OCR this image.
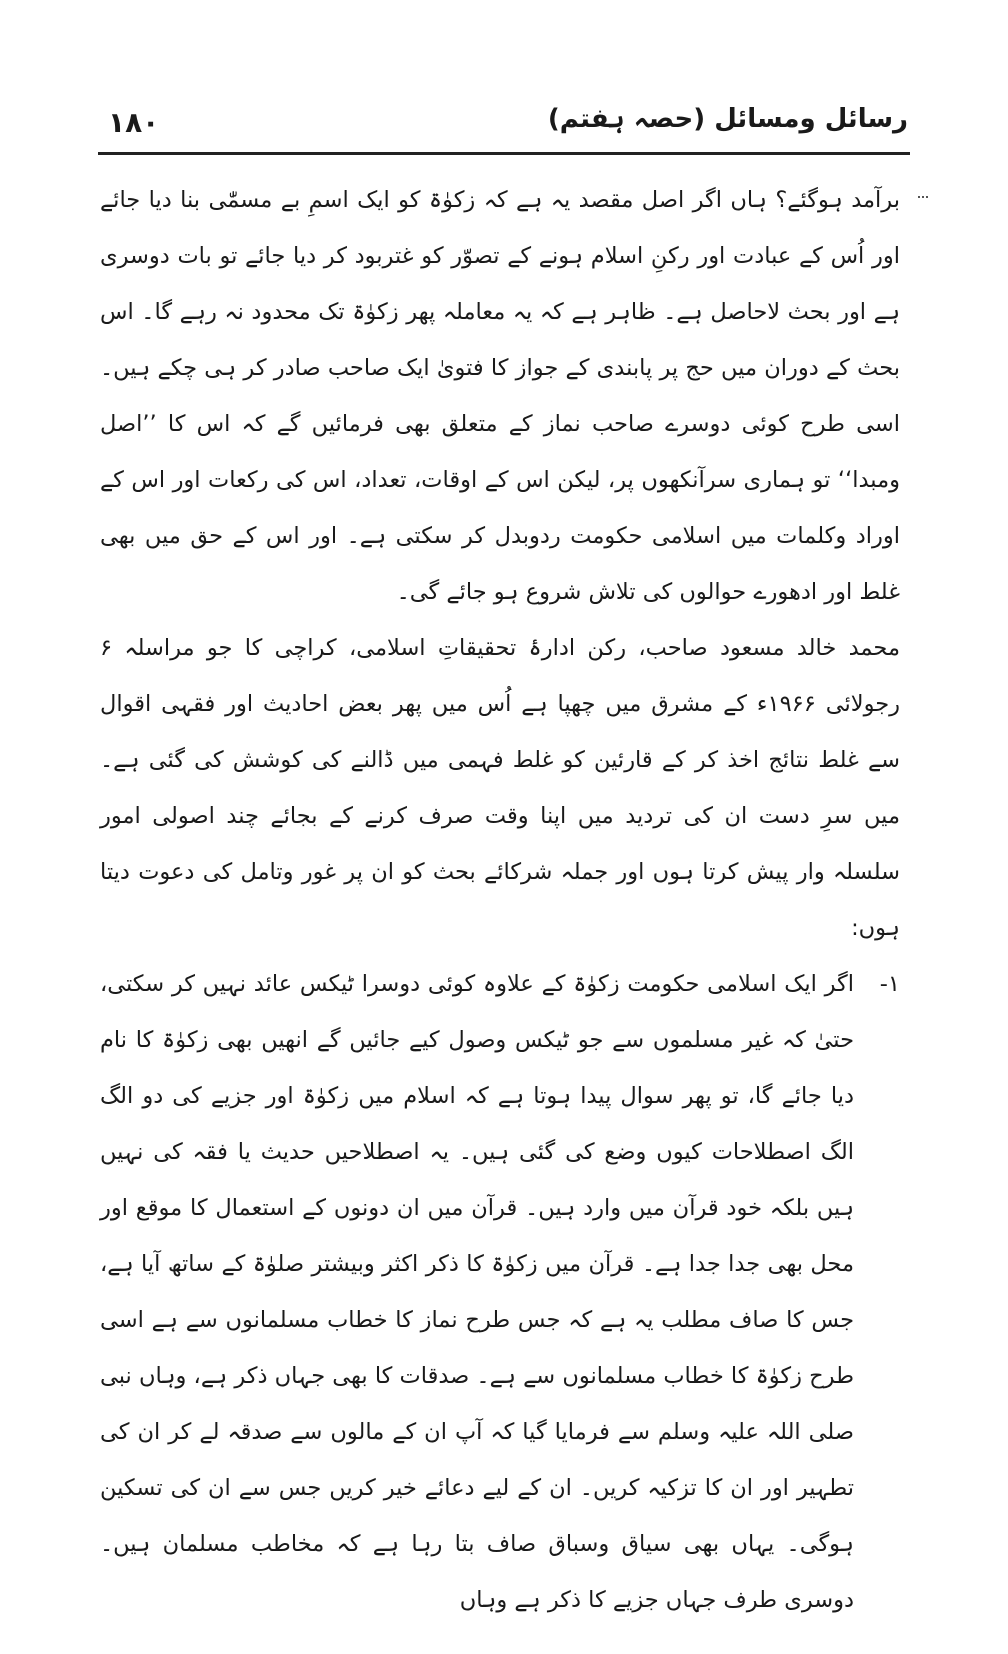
۱۸۰	رسائل ومسائل (حصہ ہفتم)

برآمد ہوگئے؟ ہاں اگر اصل مقصد یہ ہے کہ زکوٰۃ کو ایک اسمِ بے مسمّٰی بنا دیا جائے اور اُس کے عبادت اور رکنِ اسلام ہونے کے تصوّر کو غتربود کر دیا جائے تو بات دوسری ہے اور بحث لاحاصل ہے۔ ظاہر ہے کہ یہ معاملہ پھر زکوٰۃ تک محدود نہ رہے گا۔ اس بحث کے دوران میں حج پر پابندی کے جواز کا فتویٰ ایک صاحب صادر کر ہی چکے ہیں۔ اسی طرح کوئی دوسرے صاحب نماز کے متعلق بھی فرمائیں گے کہ اس کا ’’اصل ومبدا‘‘ تو ہماری سرآنکھوں پر، لیکن اس کے اوقات، تعداد، اس کی رکعات اور اس کے اوراد وکلمات میں اسلامی حکومت ردوبدل کر سکتی ہے۔ اور اس کے حق میں بھی غلط اور ادھورے حوالوں کی تلاش شروع ہو جائے گی۔

محمد خالد مسعود صاحب، رکن ادارۂ تحقیقاتِ اسلامی، کراچی کا جو مراسلہ ۶ رجولائی ۱۹۶۶ء کے مشرق میں چھپا ہے اُس میں پھر بعض احادیث اور فقہی اقوال سے غلط نتائج اخذ کر کے قارئین کو غلط فہمی میں ڈالنے کی کوشش کی گئی ہے۔ میں سرِ دست ان کی تردید میں اپنا وقت صرف کرنے کے بجائے چند اصولی امور سلسلہ وار پیش کرتا ہوں اور جملہ شرکائے بحث کو ان پر غور وتامل کی دعوت دیتا ہوں:

۱-
اگر ایک اسلامی حکومت زکوٰۃ کے علاوہ کوئی دوسرا ٹیکس عائد نہیں کر سکتی، حتیٰ کہ غیر مسلموں سے جو ٹیکس وصول کیے جائیں گے انھیں بھی زکوٰۃ کا نام دیا جائے گا، تو پھر سوال پیدا ہوتا ہے کہ اسلام میں زکوٰۃ اور جزیے کی دو الگ الگ اصطلاحات کیوں وضع کی گئی ہیں۔ یہ اصطلاحیں حدیث یا فقہ کی نہیں ہیں بلکہ خود قرآن میں وارد ہیں۔ قرآن میں ان دونوں کے استعمال کا موقع اور محل بھی جدا جدا ہے۔ قرآن میں زکوٰۃ کا ذکر اکثر وبیشتر صلوٰۃ کے ساتھ آیا ہے، جس کا صاف مطلب یہ ہے کہ جس طرح نماز کا خطاب مسلمانوں سے ہے اسی طرح زکوٰۃ کا خطاب مسلمانوں سے ہے۔ صدقات کا بھی جہاں ذکر ہے، وہاں نبی صلی اللہ علیہ وسلم سے فرمایا گیا کہ آپ ان کے مالوں سے صدقہ لے کر ان کی تطہیر اور ان کا تزکیہ کریں۔ ان کے لیے دعائے خیر کریں جس سے ان کی تسکین ہوگی۔ یہاں بھی سیاق وسباق صاف بتا رہا ہے کہ مخاطب مسلمان ہیں۔ دوسری طرف جہاں جزیے کا ذکر ہے وہاں
